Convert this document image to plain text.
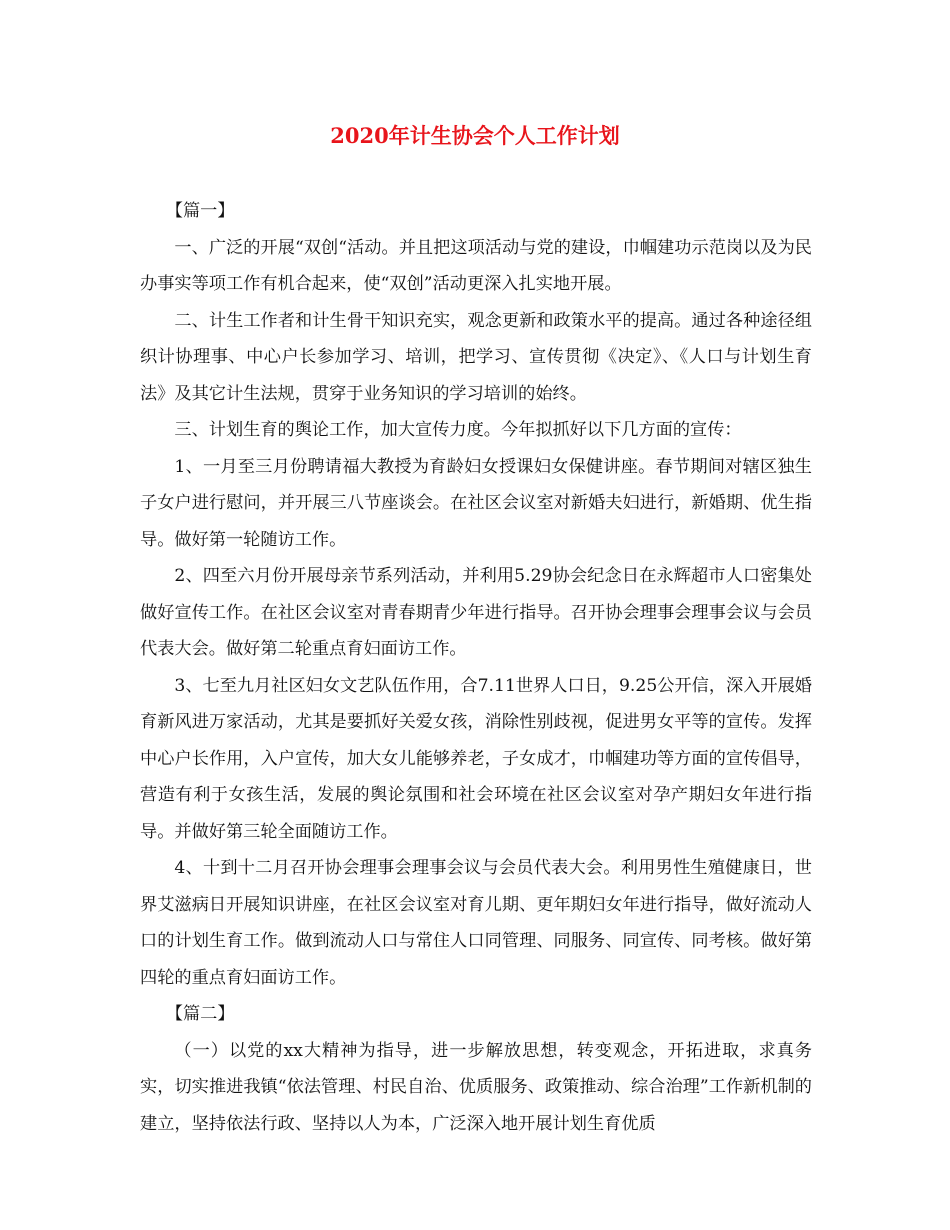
2020年计生协会个人工作计划

【篇一】

一、广泛的开展“双创“活动。并且把这项活动与党的建设，巾帼建功示范岗以及为民办事实等项工作有机合起来，使“双创”活动更深入扎实地开展。

二、计生工作者和计生骨干知识充实，观念更新和政策水平的提高。通过各种途径组织计协理事、中心户长参加学习、培训，把学习、宣传贯彻《决定》、《人口与计划生育法》及其它计生法规，贯穿于业务知识的学习培训的始终。

三、计划生育的舆论工作，加大宣传力度。今年拟抓好以下几方面的宣传：

1、一月至三月份聘请福大教授为育龄妇女授课妇女保健讲座。春节期间对辖区独生子女户进行慰问，并开展三八节座谈会。在社区会议室对新婚夫妇进行，新婚期、优生指导。做好第一轮随访工作。

2、四至六月份开展母亲节系列活动，并利用5.29协会纪念日在永辉超市人口密集处做好宣传工作。在社区会议室对青春期青少年进行指导。召开协会理事会理事会议与会员代表大会。做好第二轮重点育妇面访工作。

3、七至九月社区妇女文艺队伍作用，合7.11世界人口日，9.25公开信，深入开展婚育新风进万家活动，尤其是要抓好关爱女孩，消除性别歧视，促进男女平等的宣传。发挥中心户长作用，入户宣传，加大女儿能够养老，子女成才，巾帼建功等方面的宣传倡导，营造有利于女孩生活，发展的舆论氛围和社会环境在社区会议室对孕产期妇女年进行指导。并做好第三轮全面随访工作。

4、十到十二月召开协会理事会理事会议与会员代表大会。利用男性生殖健康日，世界艾滋病日开展知识讲座，在社区会议室对育儿期、更年期妇女年进行指导，做好流动人口的计划生育工作。做到流动人口与常住人口同管理、同服务、同宣传、同考核。做好第四轮的重点育妇面访工作。

【篇二】

（一）以党的xx大精神为指导，进一步解放思想，转变观念，开拓进取，求真务实，切实推进我镇“依法管理、村民自治、优质服务、政策推动、综合治理”工作新机制的建立，坚持依法行政、坚持以人为本，广泛深入地开展计划生育优质
